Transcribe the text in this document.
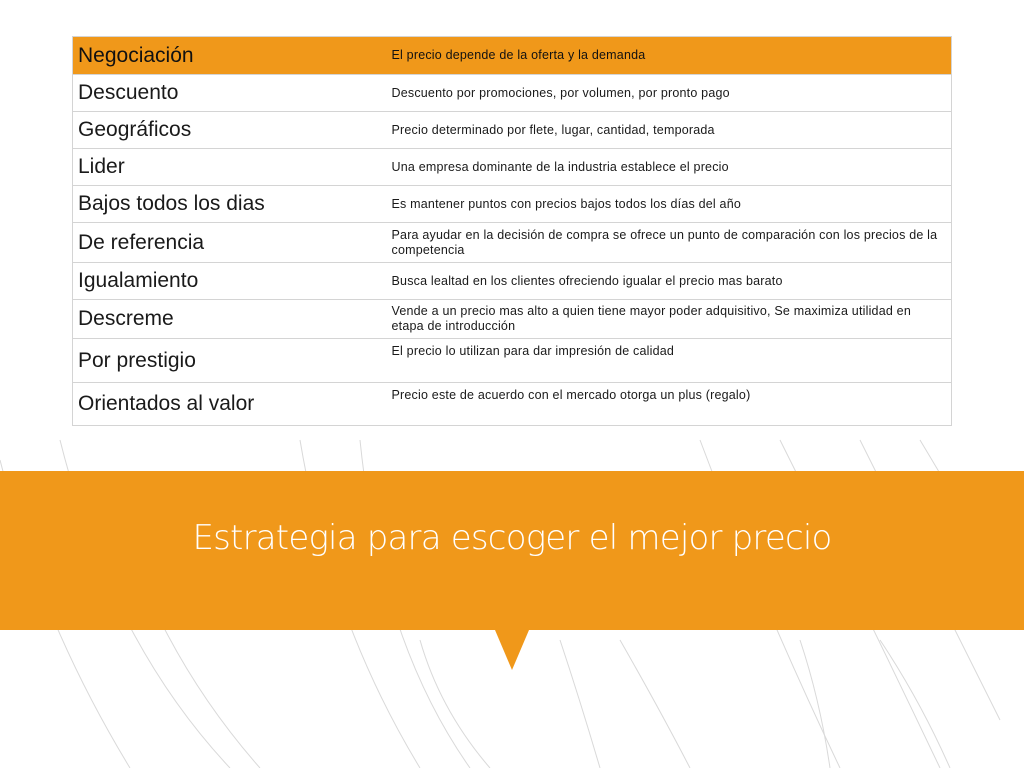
Negociación	El precio depende de la oferta y la demanda
Descuento	Descuento por promociones, por volumen, por pronto pago
Geográficos	Precio determinado por flete, lugar, cantidad, temporada
Lider	Una empresa dominante de la industria establece el precio
Bajos todos los dias	Es mantener puntos con precios bajos todos los días del año
De referencia	Para ayudar en la decisión de compra se ofrece un punto de comparación con los precios de la competencia
Igualamiento	Busca lealtad en los clientes ofreciendo igualar el precio mas barato
Descreme	Vende a un precio mas alto a quien tiene mayor poder adquisitivo, Se maximiza utilidad en etapa de introducción
Por prestigio	El precio lo utilizan para dar impresión de calidad
Orientados al valor	Precio este de acuerdo con el mercado otorga un plus (regalo)
Estrategia para escoger el mejor precio
